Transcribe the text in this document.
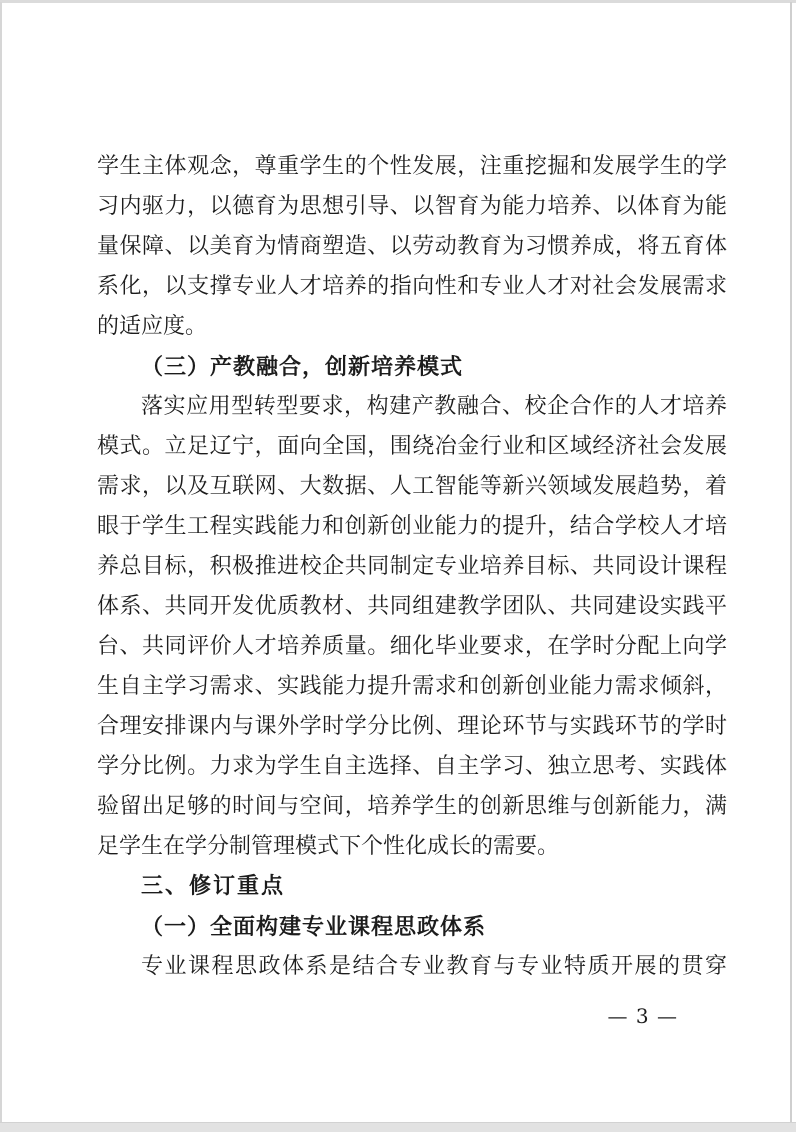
学生主体观念，尊重学生的个性发展，注重挖掘和发展学生的学
习内驱力，以德育为思想引导、以智育为能力培养、以体育为能
量保障、以美育为情商塑造、以劳动教育为习惯养成，将五育体
系化，以支撑专业人才培养的指向性和专业人才对社会发展需求
的适应度。
（三）产教融合，创新培养模式
落实应用型转型要求，构建产教融合、校企合作的人才培养
模式。立足辽宁，面向全国，围绕冶金行业和区域经济社会发展
需求，以及互联网、大数据、人工智能等新兴领域发展趋势，着
眼于学生工程实践能力和创新创业能力的提升，结合学校人才培
养总目标，积极推进校企共同制定专业培养目标、共同设计课程
体系、共同开发优质教材、共同组建教学团队、共同建设实践平
台、共同评价人才培养质量。细化毕业要求，在学时分配上向学
生自主学习需求、实践能力提升需求和创新创业能力需求倾斜，
合理安排课内与课外学时学分比例、理论环节与实践环节的学时
学分比例。力求为学生自主选择、自主学习、独立思考、实践体
验留出足够的时间与空间，培养学生的创新思维与创新能力，满
足学生在学分制管理模式下个性化成长的需要。
三、修订重点
（一）全面构建专业课程思政体系
专业课程思政体系是结合专业教育与专业特质开展的贯穿
— 3 —
